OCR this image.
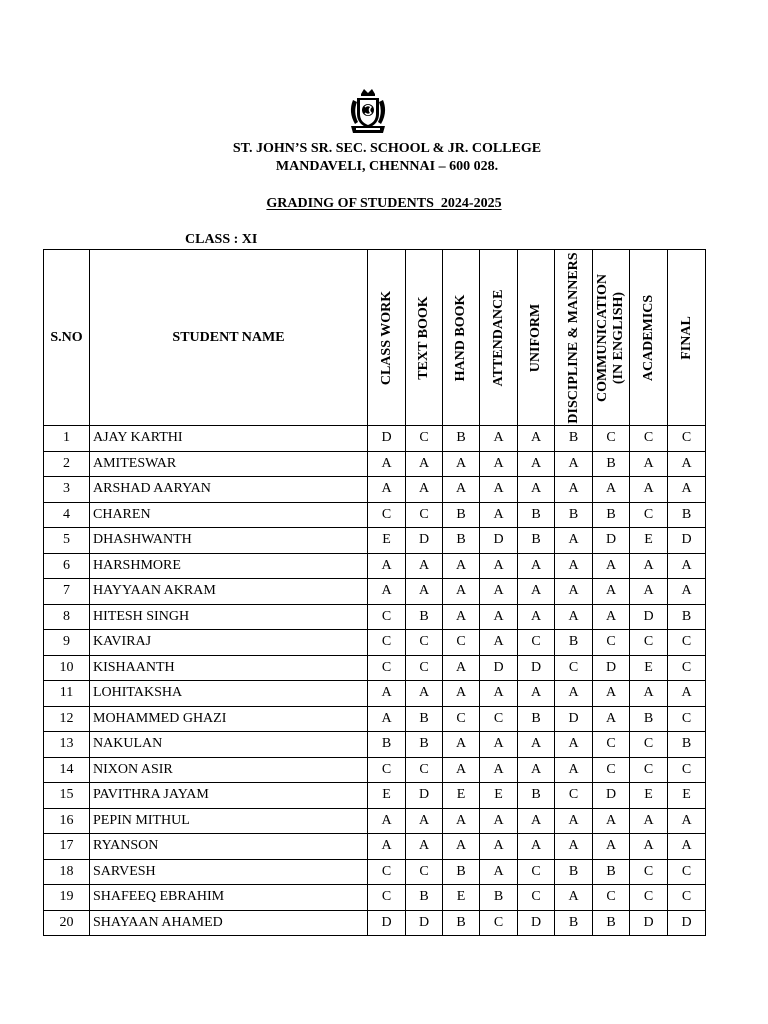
ST. JOHN’S SR. SEC. SCHOOL & JR. COLLEGE
MANDAVELI, CHENNAI – 600 028.
GRADING OF STUDENTS  2024-2025
CLASS : XI
S.NO	STUDENT NAME	CLASS WORK	TEXT BOOK	HAND BOOK	ATTENDANCE	UNIFORM	DISCIPLINE & MANNERS	COMMUNICATION (IN ENGLISH)	ACADEMICS	FINAL

1	AJAY KARTHI	D	C	B	A	A	B	C	C	C
2	AMITESWAR	A	A	A	A	A	A	B	A	A
3	ARSHAD AARYAN	A	A	A	A	A	A	A	A	A
4	CHAREN	C	C	B	A	B	B	B	C	B
5	DHASHWANTH	E	D	B	D	B	A	D	E	D
6	HARSHMORE	A	A	A	A	A	A	A	A	A
7	HAYYAAN AKRAM	A	A	A	A	A	A	A	A	A
8	HITESH SINGH	C	B	A	A	A	A	A	D	B
9	KAVIRAJ	C	C	C	A	C	B	C	C	C
10	KISHAANTH	C	C	A	D	D	C	D	E	C
11	LOHITAKSHA	A	A	A	A	A	A	A	A	A
12	MOHAMMED GHAZI	A	B	C	C	B	D	A	B	C
13	NAKULAN	B	B	A	A	A	A	C	C	B
14	NIXON ASIR	C	C	A	A	A	A	C	C	C
15	PAVITHRA JAYAM	E	D	E	E	B	C	D	E	E
16	PEPIN MITHUL	A	A	A	A	A	A	A	A	A
17	RYANSON	A	A	A	A	A	A	A	A	A
18	SARVESH	C	C	B	A	C	B	B	C	C
19	SHAFEEQ EBRAHIM	C	B	E	B	C	A	C	C	C
20	SHAYAAN AHAMED	D	D	B	C	D	B	B	D	D
